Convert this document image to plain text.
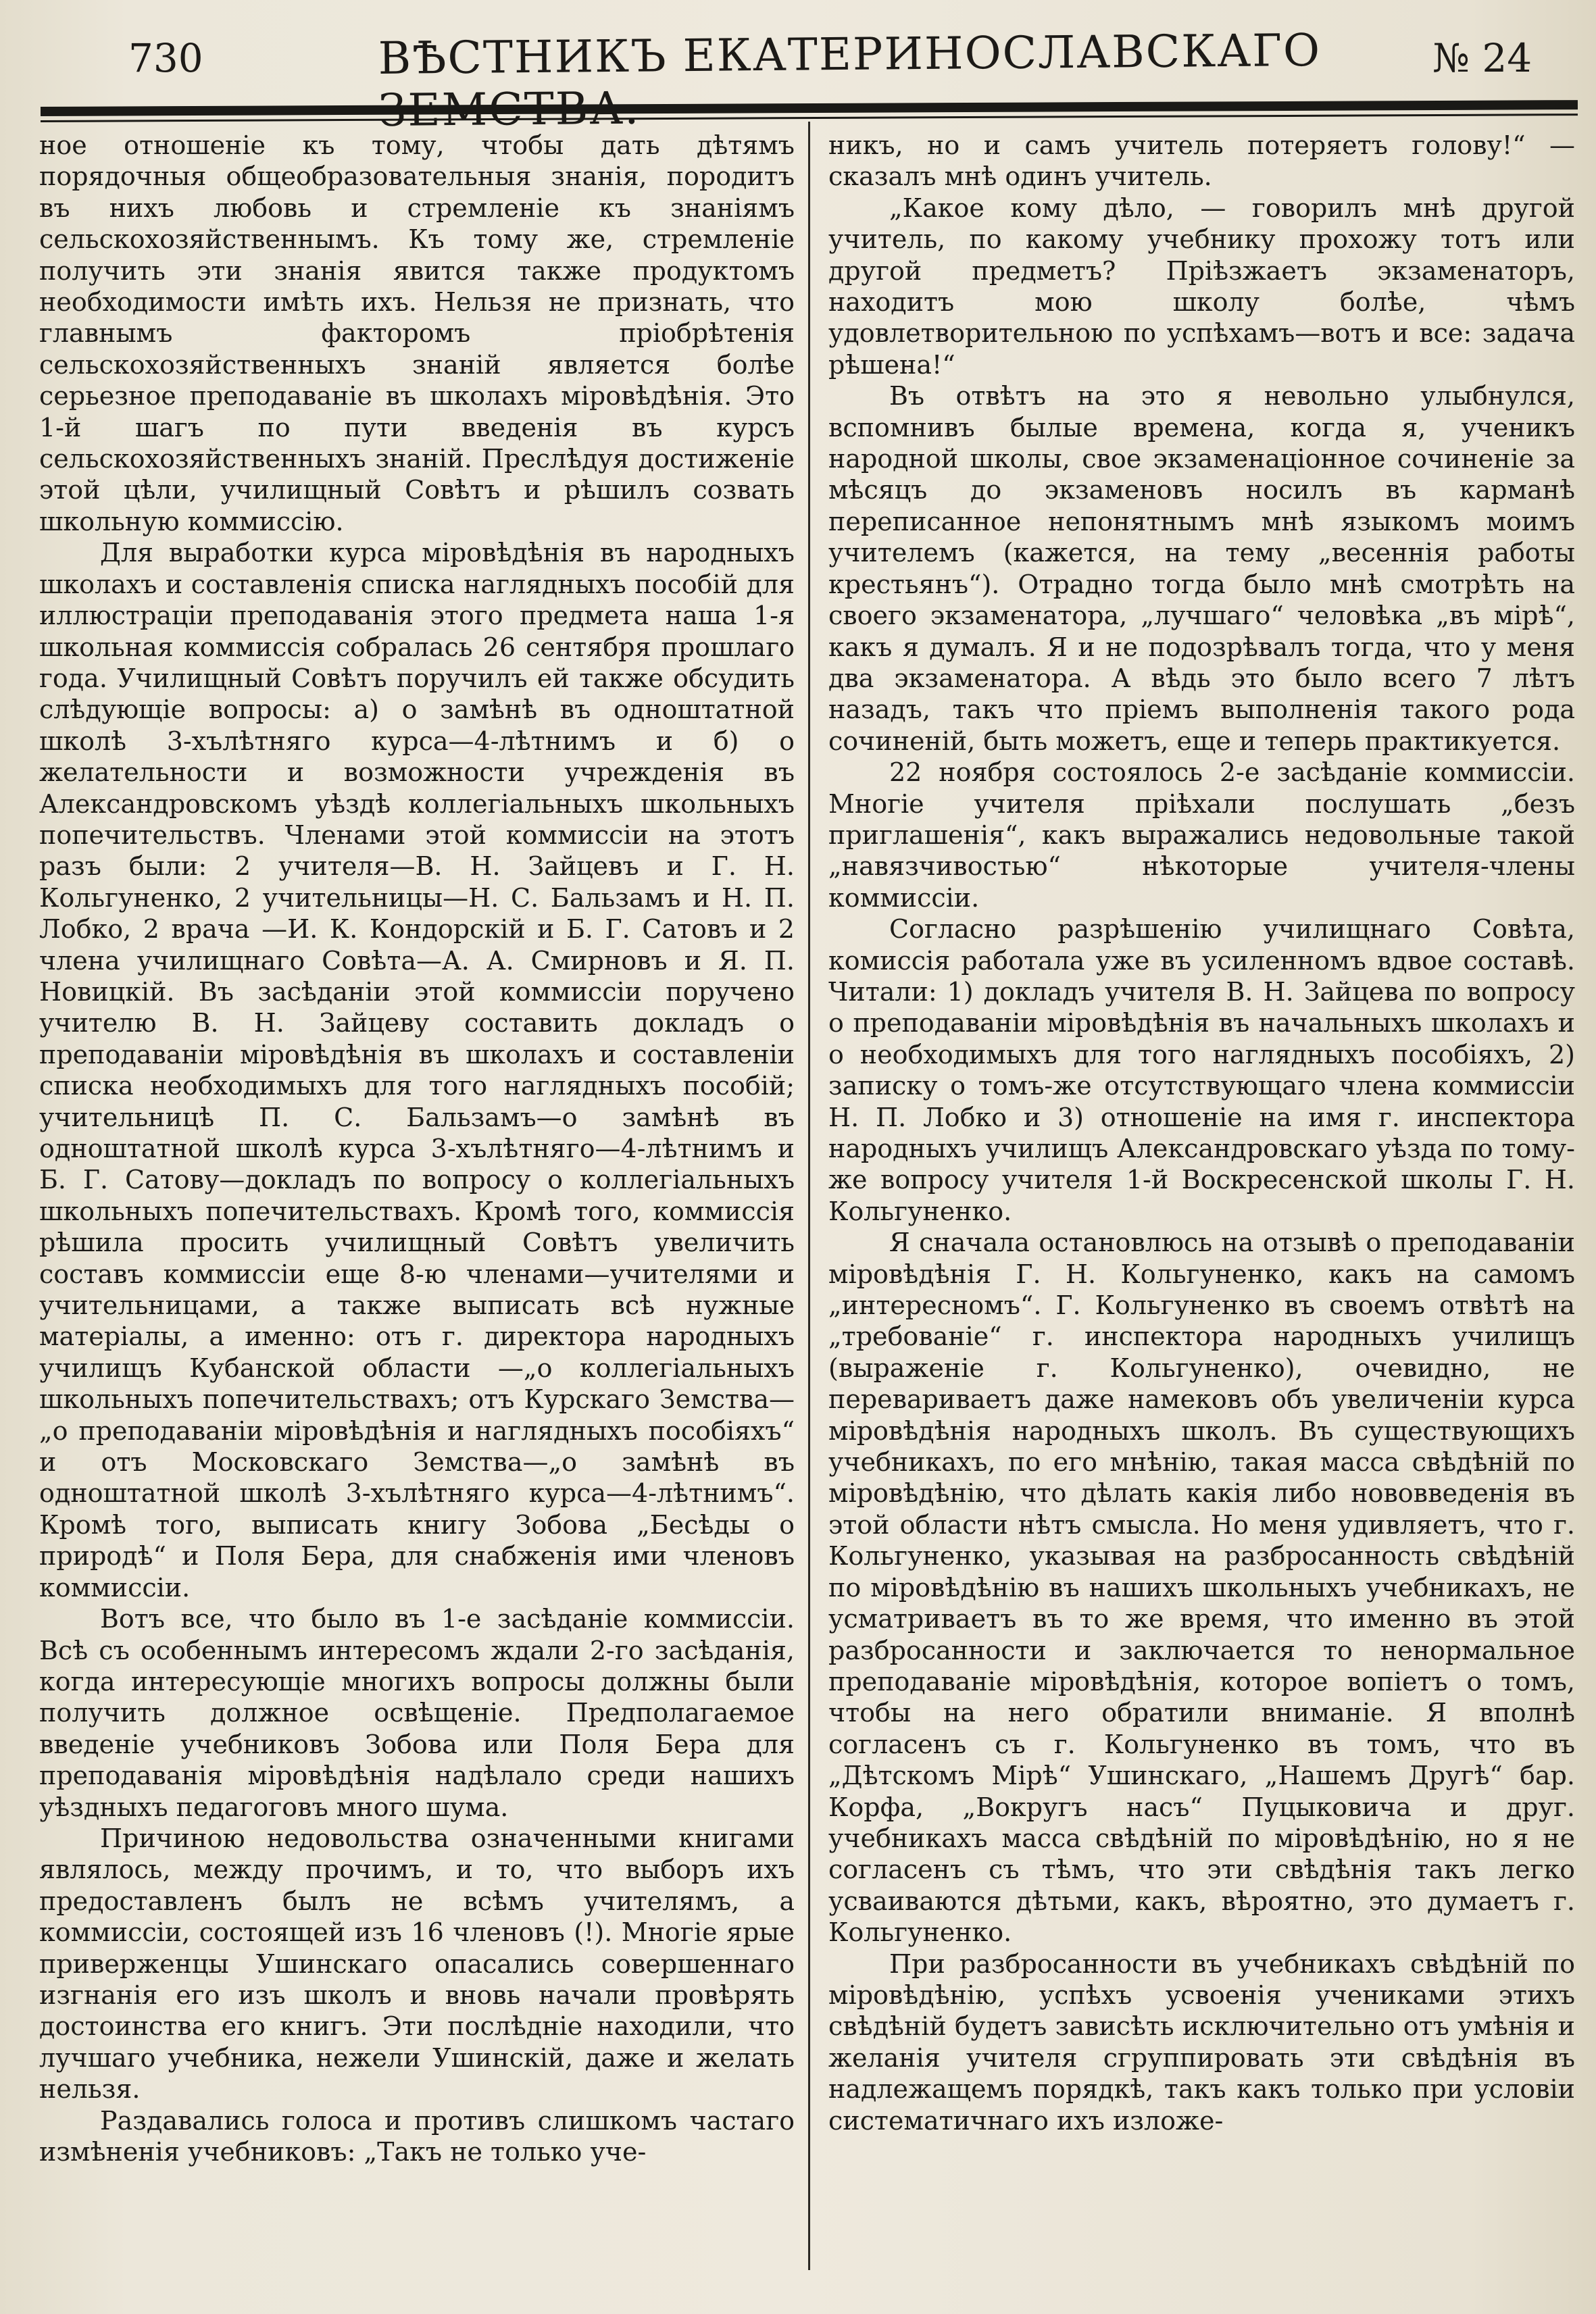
730	ВѢСТНИКЪ ЕКАТЕРИНОСЛАВСКАГО	№ 24

ное отношеніе къ тому, чтобы дать дѣтямъ порядочныя общеобразовательныя знанія, породитъ въ нихъ любовь и стремленіе къ знаніямъ сельскохозяйственнымъ. Къ тому же, стремленіе получить эти знанія явится также продуктомъ необходимости имѣть ихъ. Нельзя не признать, что главнымъ факторомъ пріобрѣтенія сельскохозяйственныхъ знаній является болѣе серьезное преподаваніе въ школахъ міровѣдѣнія. Это 1-й шагъ по пути введенія въ курсъ сельскохозяйственныхъ знаній. Преслѣдуя достиженіе этой цѣли, училищный Совѣтъ и рѣшилъ созвать школьную коммиссію.

Для выработки курса міровѣдѣнія въ народныхъ школахъ и составленія списка наглядныхъ пособій для иллюстраціи преподаванія этого предмета наша 1-я школьная коммиссія собралась 26 сентября прошлаго года. Училищный Совѣтъ поручилъ ей также обсудить слѣдующіе вопросы: а) о замѣнѣ въ одноштатной школѣ 3-хълѣтняго курса—4-лѣтнимъ и б) о желательности и возможности учрежденія въ Александровскомъ уѣздѣ коллегіальныхъ школьныхъ попечительствъ. Членами этой коммиссіи на этотъ разъ были: 2 учителя—В. Н. Зайцевъ и Г. Н. Кольгуненко, 2 учительницы—Н. С. Бальзамъ и Н. П. Лобко, 2 врача —И. К. Кондорскій и Б. Г. Сатовъ и 2 члена училищнаго Совѣта—А. А. Смирновъ и Я. П. Новицкій. Въ засѣданіи этой коммиссіи поручено учителю В. Н. Зайцеву составить докладъ о преподаваніи міровѣдѣнія въ школахъ и составленіи списка необходимыхъ для того наглядныхъ пособій; учительницѣ П. С. Бальзамъ—о замѣнѣ въ одноштатной школѣ курса 3-хълѣтняго—4-лѣтнимъ и Б. Г. Сатову—докладъ по вопросу о коллегіальныхъ школьныхъ попечительствахъ. Кромѣ того, коммиссія рѣшила просить училищный Совѣтъ увеличить составъ коммиссіи еще 8-ю членами—учителями и учительницами, а также выписать всѣ нужные матеріалы, а именно: отъ г. директора народныхъ училищъ Кубанской области —„о коллегіальныхъ школьныхъ попечительствахъ; отъ Курскаго Земства—„о преподаваніи міровѣдѣнія и наглядныхъ пособіяхъ“ и отъ Московскаго Земства—„о замѣнѣ въ одноштатной школѣ 3-хълѣтняго курса—4-лѣтнимъ“. Кромѣ того, выписать книгу Зобова „Бесѣды о природѣ“ и Поля Бера, для снабженія ими членовъ коммиссіи.

Вотъ все, что было въ 1-е засѣданіе коммиссіи. Всѣ съ особеннымъ интересомъ ждали 2-го засѣданія, когда интересующіе многихъ вопросы должны были получить должное освѣщеніе. Предполагаемое введеніе учебниковъ Зобова или Поля Бера для преподаванія міровѣдѣнія надѣлало среди нашихъ уѣздныхъ педагоговъ много шума.

Причиною недовольства означенными книгами являлось, между прочимъ, и то, что выборъ ихъ предоставленъ былъ не всѣмъ учителямъ, а коммиссіи, состоящей изъ 16 членовъ (!). Многіе ярые приверженцы Ушинскаго опасались совершеннаго изгнанія его изъ школъ и вновь начали провѣрять достоинства его книгъ. Эти послѣдніе находили, что лучшаго учебника, нежели Ушинскій, даже и желать нельзя.

Раздавались голоса и противъ слишкомъ частаго измѣненія учебниковъ: „Такъ не только уче-

никъ, но и самъ учитель потеряетъ голову!“ — сказалъ мнѣ одинъ учитель.

„Какое кому дѣло, — говорилъ мнѣ другой учитель, по какому учебнику прохожу тотъ или другой предметъ? Пріѣзжаетъ экзаменаторъ, находитъ мою школу болѣе, чѣмъ удовлетворительною по успѣхамъ—вотъ и все: задача рѣшена!“

Въ отвѣтъ на это я невольно улыбнулся, вспомнивъ былые времена, когда я, ученикъ народной школы, свое экзаменаціонное сочиненіе за мѣсяцъ до экзаменовъ носилъ въ карманѣ переписанное непонятнымъ мнѣ языкомъ моимъ учителемъ (кажется, на тему „весеннія работы крестьянъ“). Отрадно тогда было мнѣ смотрѣть на своего экзаменатора, „лучшаго“ человѣка „въ мірѣ“, какъ я думалъ. Я и не подозрѣвалъ тогда, что у меня два экзаменатора. А вѣдь это было всего 7 лѣтъ назадъ, такъ что пріемъ выполненія такого рода сочиненій, быть можетъ, еще и теперь практикуется.

22 ноября состоялось 2-е засѣданіе коммиссіи. Многіе учителя пріѣхали послушать „безъ приглашенія“, какъ выражались недовольные такой „навязчивостью“ нѣкоторые учителя-члены коммиссіи.

Согласно разрѣшенію училищнаго Совѣта, комиссія работала уже въ усиленномъ вдвое составѣ. Читали: 1) докладъ учителя В. Н. Зайцева по вопросу о преподаваніи міровѣдѣнія въ начальныхъ школахъ и о необходимыхъ для того наглядныхъ пособіяхъ, 2) записку о томъ-же отсутствующаго члена коммиссіи Н. П. Лобко и 3) отношеніе на имя г. инспектора народныхъ училищъ Александровскаго уѣзда по тому-же вопросу учителя 1-й Воскресенской школы Г. Н. Кольгуненко.

Я сначала остановлюсь на отзывѣ о преподаваніи міровѣдѣнія Г. Н. Кольгуненко, какъ на самомъ „интересномъ“. Г. Кольгуненко въ своемъ отвѣтѣ на „требованіе“ г. инспектора народныхъ училищъ (выраженіе г. Кольгуненко), очевидно, не перевариваетъ даже намековъ объ увеличеніи курса міровѣдѣнія народныхъ школъ. Въ существующихъ учебникахъ, по его мнѣнію, такая масса свѣдѣній по міровѣдѣнію, что дѣлать какія либо нововведенія въ этой области нѣтъ смысла. Но меня удивляетъ, что г. Кольгуненко, указывая на разбросанность свѣдѣній по міровѣдѣнію въ нашихъ школьныхъ учебникахъ, не усматриваетъ въ то же время, что именно въ этой разбросанности и заключается то ненормальное преподаваніе міровѣдѣнія, которое вопіетъ о томъ, чтобы на него обратили вниманіе. Я вполнѣ согласенъ съ г. Кольгуненко въ томъ, что въ „Дѣтскомъ Мірѣ“ Ушинскаго, „Нашемъ Другѣ“ бар. Корфа, „Вокругъ насъ“ Пуцыковича и друг. учебникахъ масса свѣдѣній по міровѣдѣнію, но я не согласенъ съ тѣмъ, что эти свѣдѣнія такъ легко усваиваются дѣтьми, какъ, вѣроятно, это думаетъ г. Кольгуненко.

При разбросанности въ учебникахъ свѣдѣній по міровѣдѣнію, успѣхъ усвоенія учениками этихъ свѣдѣній будетъ зависѣть исключительно отъ умѣнія и желанія учителя сгруппировать эти свѣдѣнія въ надлежащемъ порядкѣ, такъ какъ только при условіи систематичнаго ихъ изложе-
